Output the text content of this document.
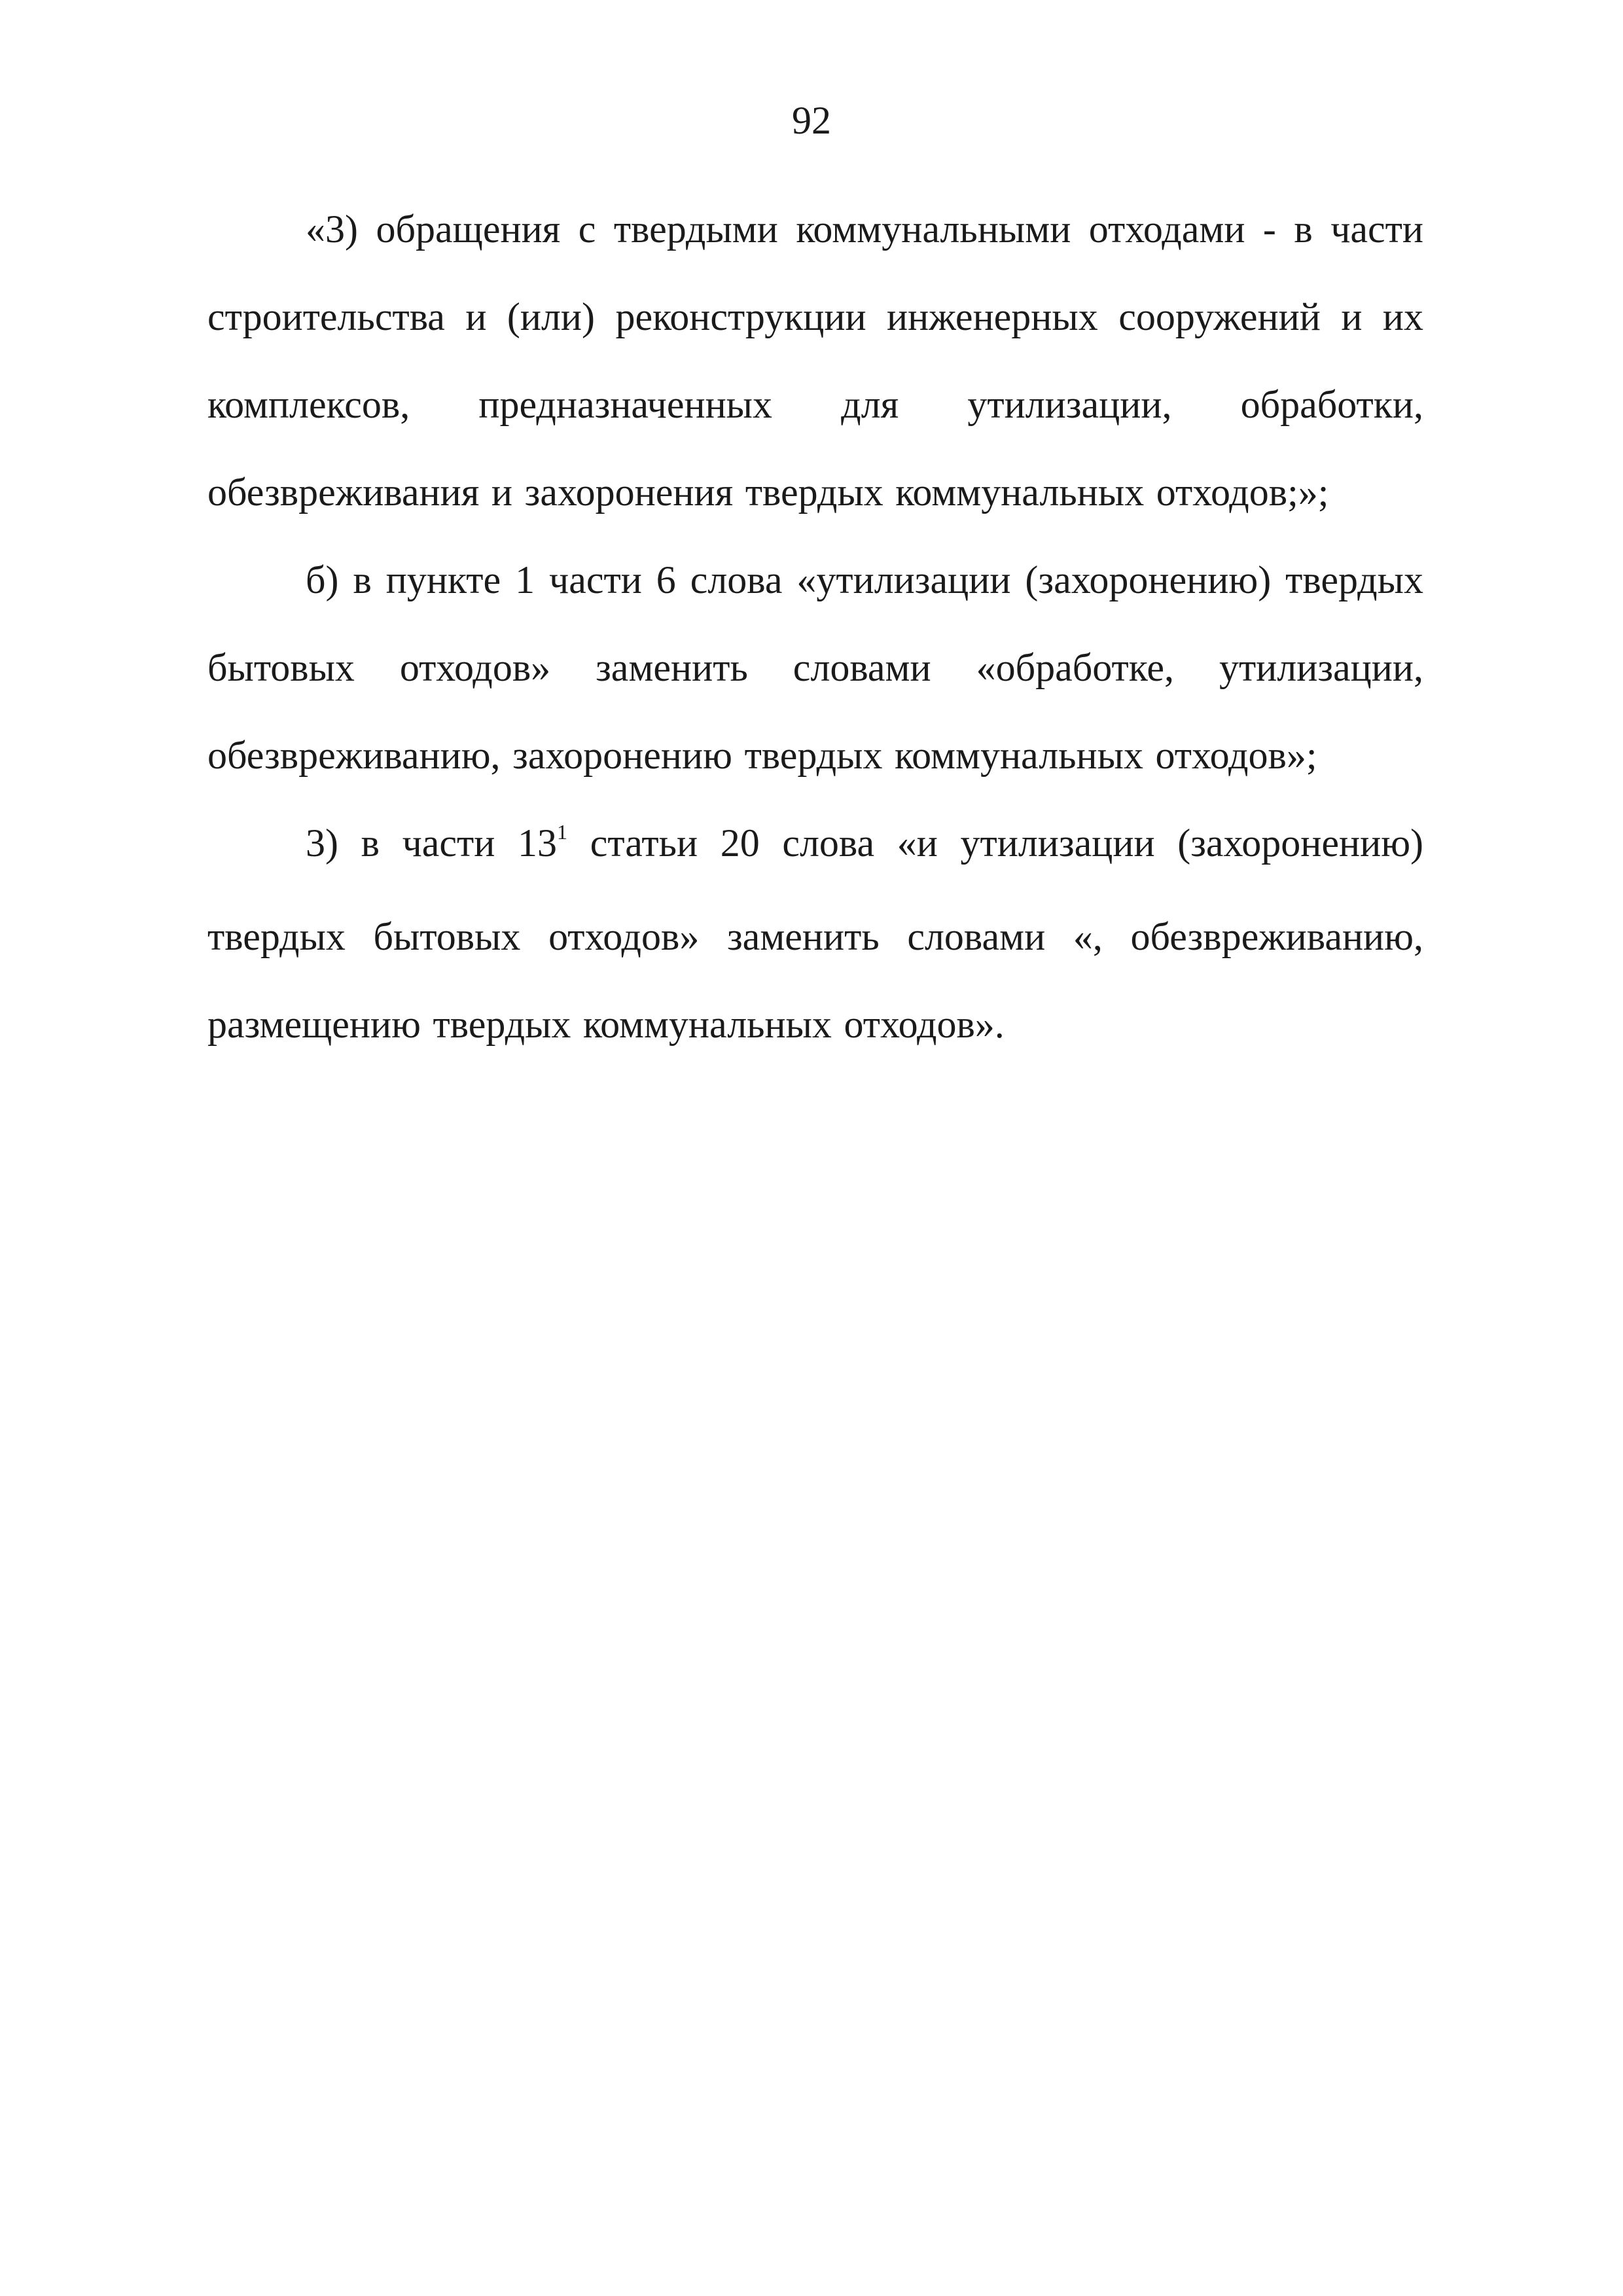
92

«3) обращения с твердыми коммунальными отходами - в части строительства и (или) реконструкции инженерных сооружений и их комплексов, предназначенных для утилизации, обработки, обезвреживания и захоронения твердых коммунальных отходов;»;

б) в пункте 1 части 6 слова «утилизации (захоронению) твердых бытовых отходов» заменить словами «обработке, утилизации, обезвреживанию, захоронению твердых коммунальных отходов»;

3) в части $13^1$ статьи 20 слова «и утилизации (захоронению) твердых бытовых отходов» заменить словами «, обезвреживанию, размещению твердых коммунальных отходов».
